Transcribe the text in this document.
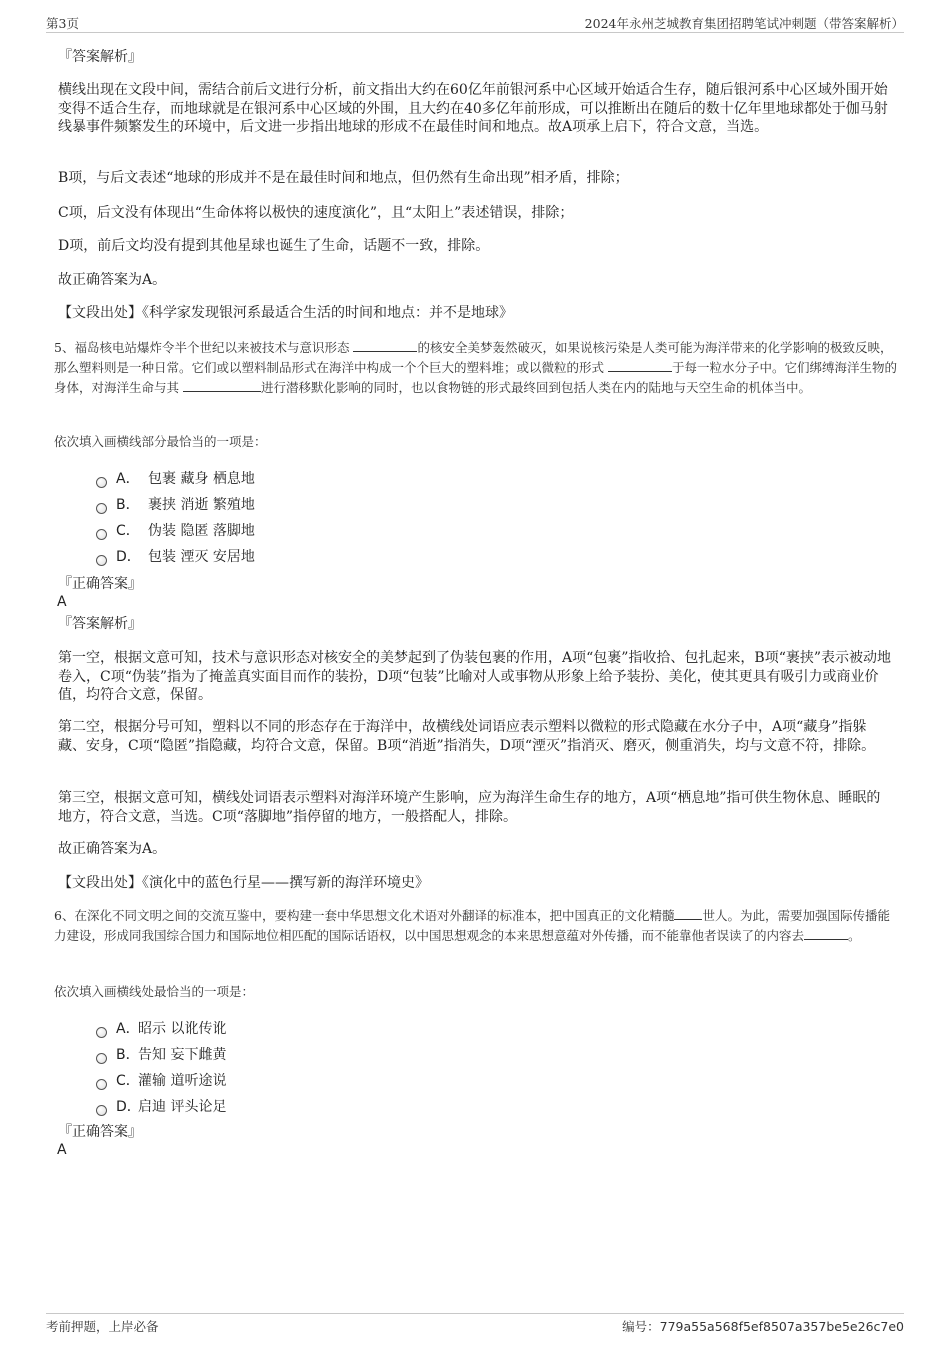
第3页	2024年永州芝城教育集团招聘笔试冲刺题（带答案解析）
『答案解析』

横线出现在文段中间，需结合前后文进行分析，前文指出大约在60亿年前银河系中心区域开始适合生存，随后银河系中心区域外围开始变得不适合生存，而地球就是在银河系中心区域的外围，且大约在40多亿年前形成，可以推断出在随后的数十亿年里地球都处于伽马射线暴事件频繁发生的环境中，后文进一步指出地球的形成不在最佳时间和地点。故A项承上启下，符合文意，当选。

B项，与后文表述“地球的形成并不是在最佳时间和地点，但仍然有生命出现”相矛盾，排除；

C项，后文没有体现出“生命体将以极快的速度演化”，且“太阳上”表述错误，排除；

D项，前后文均没有提到其他星球也诞生了生命，话题不一致，排除。

故正确答案为A。

【文段出处】《科学家发现银河系最适合生活的时间和地点：并不是地球》

5、福岛核电站爆炸令半个世纪以来被技术与意识形态	的核安全美梦轰然破灭，如果说核污染是人类可能为海洋带来的化学影响的极致反映，那么塑料则是一种日常。它们或以塑料制品形式在海洋中构成一个个巨大的塑料堆；或以微粒的形式	于每一粒水分子中。它们绑缚海洋生物的身体，对海洋生命与其	进行潜移默化影响的同时，也以食物链的形式最终回到包括人类在内的陆地与天空生命的机体当中。

依次填入画横线部分最恰当的一项是：

A． 包裹 藏身 栖息地
B． 裹挟 消逝 繁殖地
C． 伪装 隐匿 落脚地
D． 包装 湮灭 安居地
『正确答案』
A
『答案解析』

第一空，根据文意可知，技术与意识形态对核安全的美梦起到了伪装包裹的作用，A项“包裹”指收拾、包扎起来，B项“裹挟”表示被动地卷入，C项“伪装”指为了掩盖真实面目而作的装扮，D项“包装”比喻对人或事物从形象上给予装扮、美化，使其更具有吸引力或商业价值，均符合文意，保留。

第二空，根据分号可知，塑料以不同的形态存在于海洋中，故横线处词语应表示塑料以微粒的形式隐藏在水分子中，A项“藏身”指躲藏、安身，C项“隐匿”指隐藏，均符合文意，保留。B项“消逝”指消失，D项“湮灭”指消灭、磨灭，侧重消失，均与文意不符，排除。

第三空，根据文意可知，横线处词语表示塑料对海洋环境产生影响，应为海洋生命生存的地方，A项“栖息地”指可供生物休息、睡眠的地方，符合文意，当选。C项“落脚地”指停留的地方，一般搭配人，排除。

故正确答案为A。

【文段出处】《演化中的蓝色行星——撰写新的海洋环境史》

6、在深化不同文明之间的交流互鉴中，要构建一套中华思想文化术语对外翻译的标准本，把中国真正的文化精髓 世人。为此，需要加强国际传播能力建设，形成同我国综合国力和国际地位相匹配的国际话语权，以中国思想观念的本来思想意蕴对外传播，而不能靠他者误读了的内容去	。

依次填入画横线处最恰当的一项是：

A．
昭示 以讹传讹
B．
告知 妄下雌黄
C．
灌输 道听途说
D．
启迪 评头论足
『正确答案』
A
考前押题，上岸必备	编号：779a55a568f5ef8507a357be5e26c7e0
